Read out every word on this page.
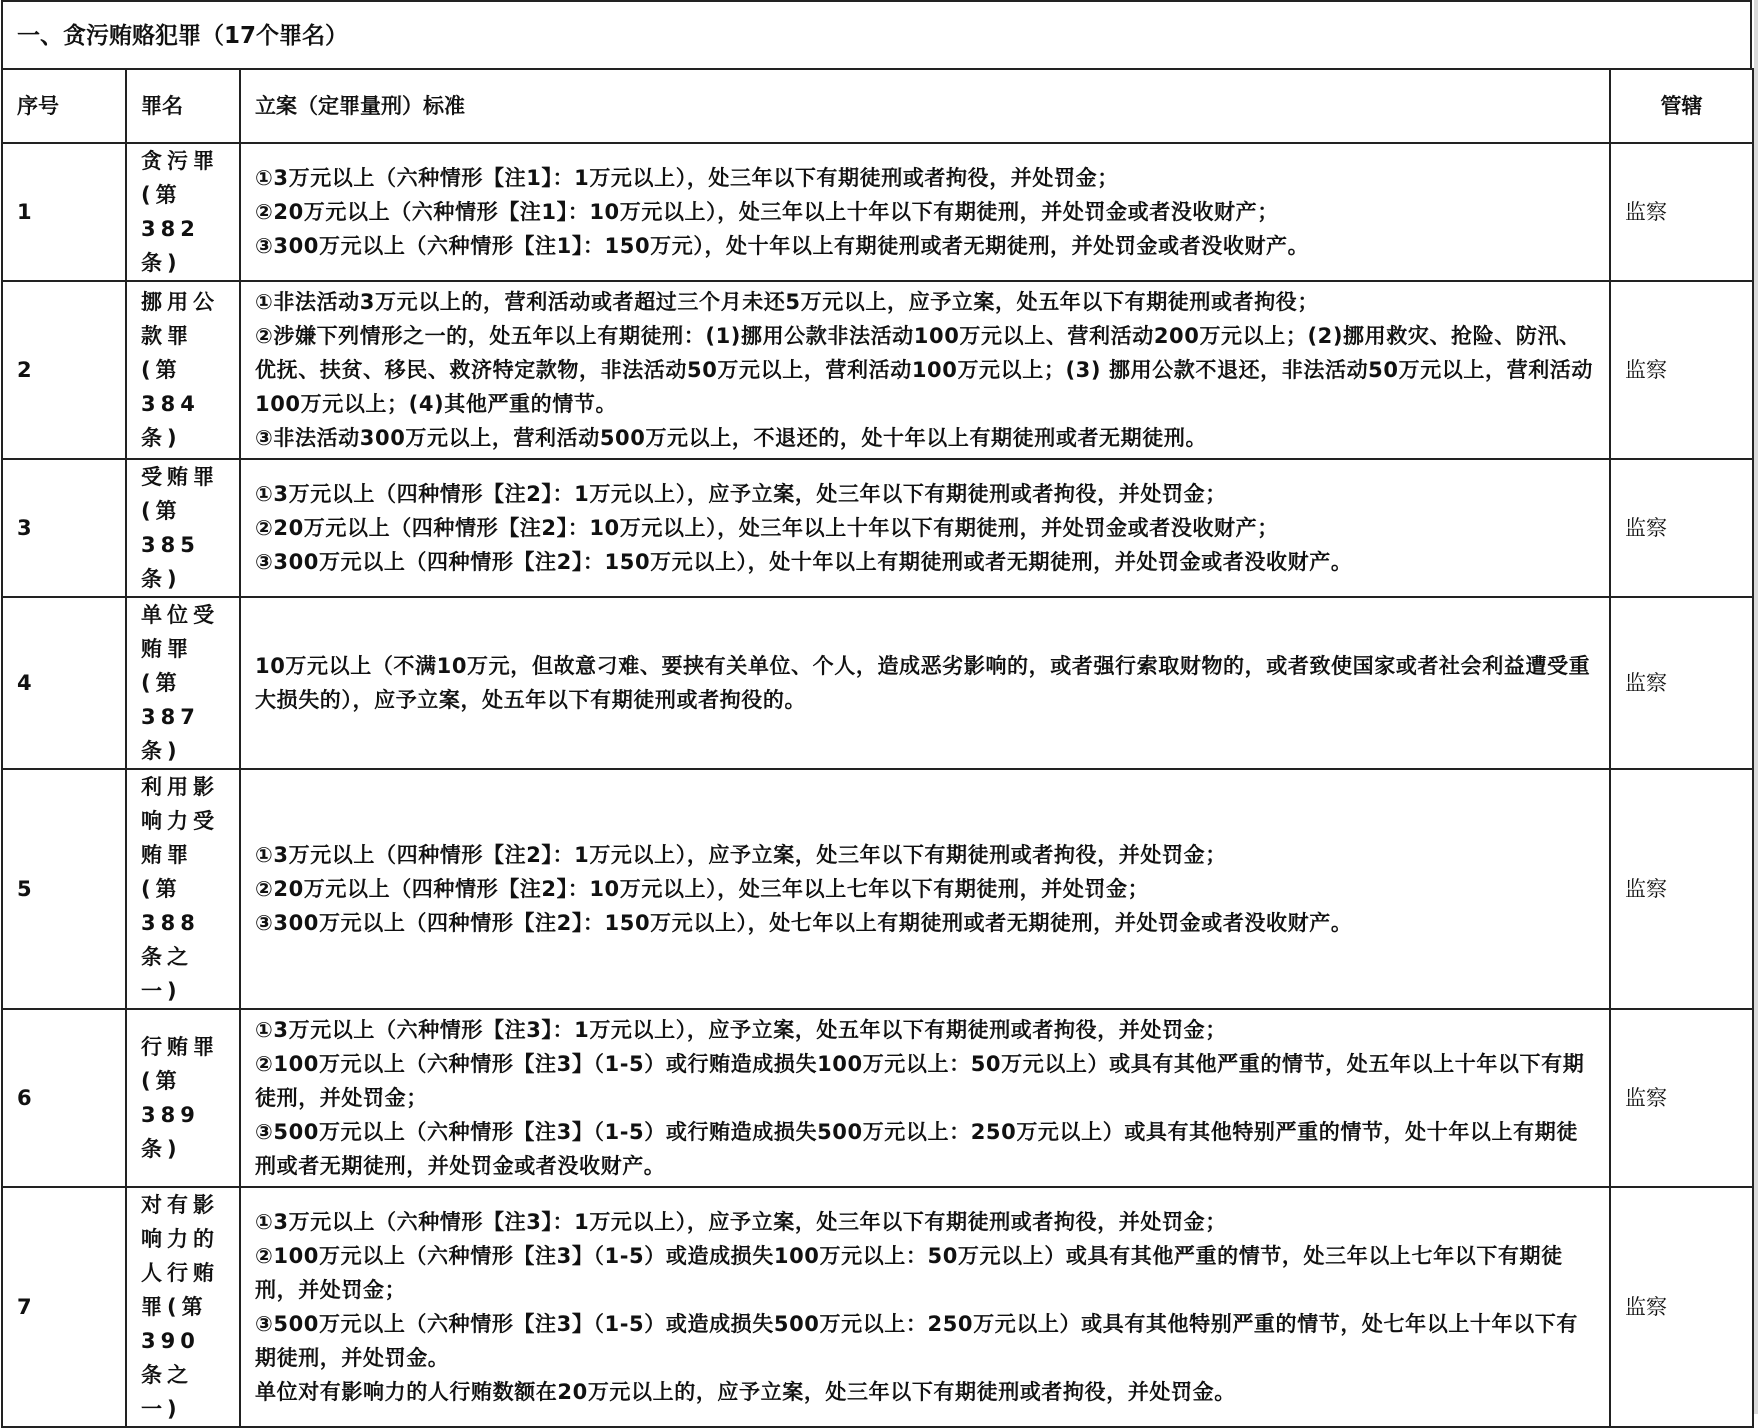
一、贪污贿赂犯罪（17个罪名）
序号	罪名	立案（定罪量刑）标准	管辖
1	贪污罪(第 382条)	①3万元以上（六种情形【注1】：1万元以上），处三年以下有期徒刑或者拘役，并处罚金；
②20万元以上（六种情形【注1】：10万元以上），处三年以上十年以下有期徒刑，并处罚金或者没收财产；
③300万元以上（六种情形【注1】：150万元），处十年以上有期徒刑或者无期徒刑，并处罚金或者没收财产。	监察
2	挪用公款罪(第384条)	①非法活动3万元以上的，营利活动或者超过三个月未还5万元以上，应予立案，处五年以下有期徒刑或者拘役；
②涉嫌下列情形之一的，处五年以上有期徒刑：(1)挪用公款非法活动100万元以上、营利活动200万元以上；(2)挪用救灾、抢险、防汛、优抚、扶贫、移民、救济特定款物，非法活动50万元以上，营利活动100万元以上；(3) 挪用公款不退还，非法活动50万元以上，营利活动100万元以上；(4)其他严重的情节。
③非法活动300万元以上，营利活动500万元以上，不退还的，处十年以上有期徒刑或者无期徒刑。	监察
3	受贿罪(第 385条)	①3万元以上（四种情形【注2】：1万元以上），应予立案，处三年以下有期徒刑或者拘役，并处罚金；
②20万元以上（四种情形【注2】：10万元以上），处三年以上十年以下有期徒刑，并处罚金或者没收财产；
③300万元以上（四种情形【注2】：150万元以上），处十年以上有期徒刑或者无期徒刑，并处罚金或者没收财产。	监察
4	单位受贿罪(第387条)	10万元以上（不满10万元，但故意刁难、要挟有关单位、个人，造成恶劣影响的，或者强行索取财物的，或者致使国家或者社会利益遭受重大损失的），应予立案，处五年以下有期徒刑或者拘役的。	监察
5	利用影响力受贿罪(第388 条之一)	①3万元以上（四种情形【注2】：1万元以上），应予立案，处三年以下有期徒刑或者拘役，并处罚金；
②20万元以上（四种情形【注2】：10万元以上），处三年以上七年以下有期徒刑，并处罚金；
③300万元以上（四种情形【注2】：150万元以上），处七年以上有期徒刑或者无期徒刑，并处罚金或者没收财产。	监察
6	行贿罪(第 389条)	①3万元以上（六种情形【注3】：1万元以上），应予立案，处五年以下有期徒刑或者拘役，并处罚金；
②100万元以上（六种情形【注3】（1-5）或行贿造成损失100万元以上：50万元以上）或具有其他严重的情节，处五年以上十年以下有期徒刑，并处罚金；
③500万元以上（六种情形【注3】（1-5）或行贿造成损失500万元以上：250万元以上）或具有其他特别严重的情节，处十年以上有期徒刑或者无期徒刑，并处罚金或者没收财产。	监察
7	对有影响力的人行贿罪(第390条之一)	①3万元以上（六种情形【注3】：1万元以上），应予立案，处三年以下有期徒刑或者拘役，并处罚金；
②100万元以上（六种情形【注3】（1-5）或造成损失100万元以上：50万元以上）或具有其他严重的情节，处三年以上七年以下有期徒刑，并处罚金；
③500万元以上（六种情形【注3】（1-5）或造成损失500万元以上：250万元以上）或具有其他特别严重的情节，处七年以上十年以下有期徒刑，并处罚金。
单位对有影响力的人行贿数额在20万元以上的，应予立案，处三年以下有期徒刑或者拘役，并处罚金。	监察
